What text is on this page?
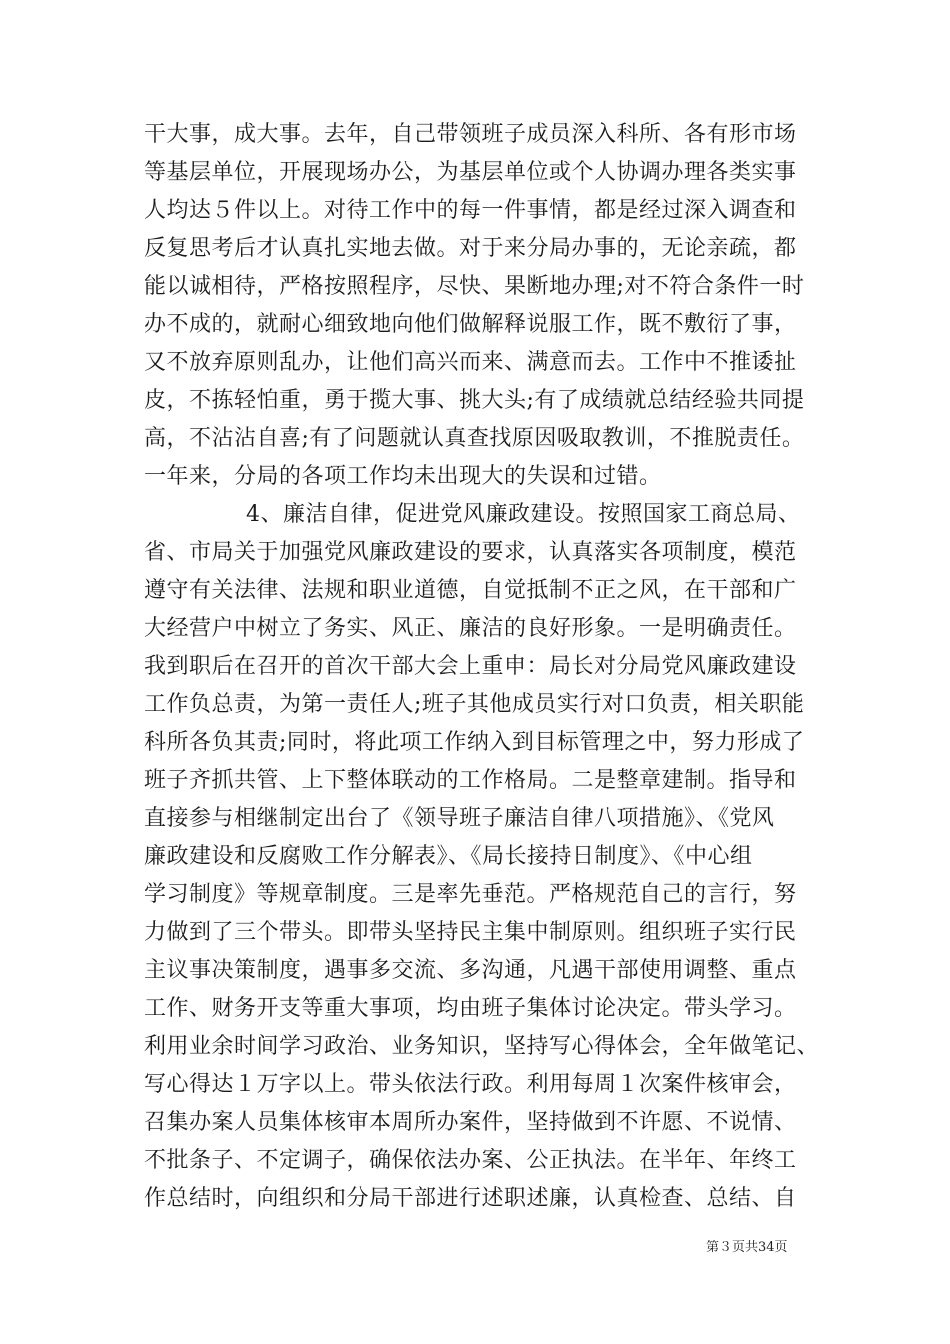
干大事，成大事。去年，自己带领班子成员深入科所、各有形市场
等基层单位，开展现场办公，为基层单位或个人协调办理各类实事
人均达５件以上。对待工作中的每一件事情，都是经过深入调查和
反复思考后才认真扎实地去做。对于来分局办事的，无论亲疏，都
能以诚相待，严格按照程序，尽快、果断地办理;对不符合条件一时
办不成的，就耐心细致地向他们做解释说服工作，既不敷衍了事，
又不放弃原则乱办，让他们高兴而来、满意而去。工作中不推诿扯
皮，不拣轻怕重，勇于揽大事、挑大头;有了成绩就总结经验共同提
高，不沾沾自喜;有了问题就认真查找原因吸取教训，不推脱责任。
一年来，分局的各项工作均未出现大的失误和过错。
4、廉洁自律，促进党风廉政建设。按照国家工商总局、
省、市局关于加强党风廉政建设的要求，认真落实各项制度，模范
遵守有关法律、法规和职业道德，自觉抵制不正之风，在干部和广
大经营户中树立了务实、风正、廉洁的良好形象。一是明确责任。
我到职后在召开的首次干部大会上重申：局长对分局党风廉政建设
工作负总责，为第一责任人;班子其他成员实行对口负责，相关职能
科所各负其责;同时，将此项工作纳入到目标管理之中，努力形成了
班子齐抓共管、上下整体联动的工作格局。二是整章建制。指导和
直接参与相继制定出台了《领导班子廉洁自律八项措施》、《党风
廉政建设和反腐败工作分解表》、《局长接持日制度》、《中心组
学习制度》等规章制度。三是率先垂范。严格规范自己的言行，努
力做到了三个带头。即带头坚持民主集中制原则。组织班子实行民
主议事决策制度，遇事多交流、多沟通，凡遇干部使用调整、重点
工作、财务开支等重大事项，均由班子集体讨论决定。带头学习。
利用业余时间学习政治、业务知识，坚持写心得体会，全年做笔记、
写心得达１万字以上。带头依法行政。利用每周１次案件核审会，
召集办案人员集体核审本周所办案件，坚持做到不许愿、不说情、
不批条子、不定调子，确保依法办案、公正执法。在半年、年终工
作总结时，向组织和分局干部进行述职述廉，认真检查、总结、自
第３页共34页
